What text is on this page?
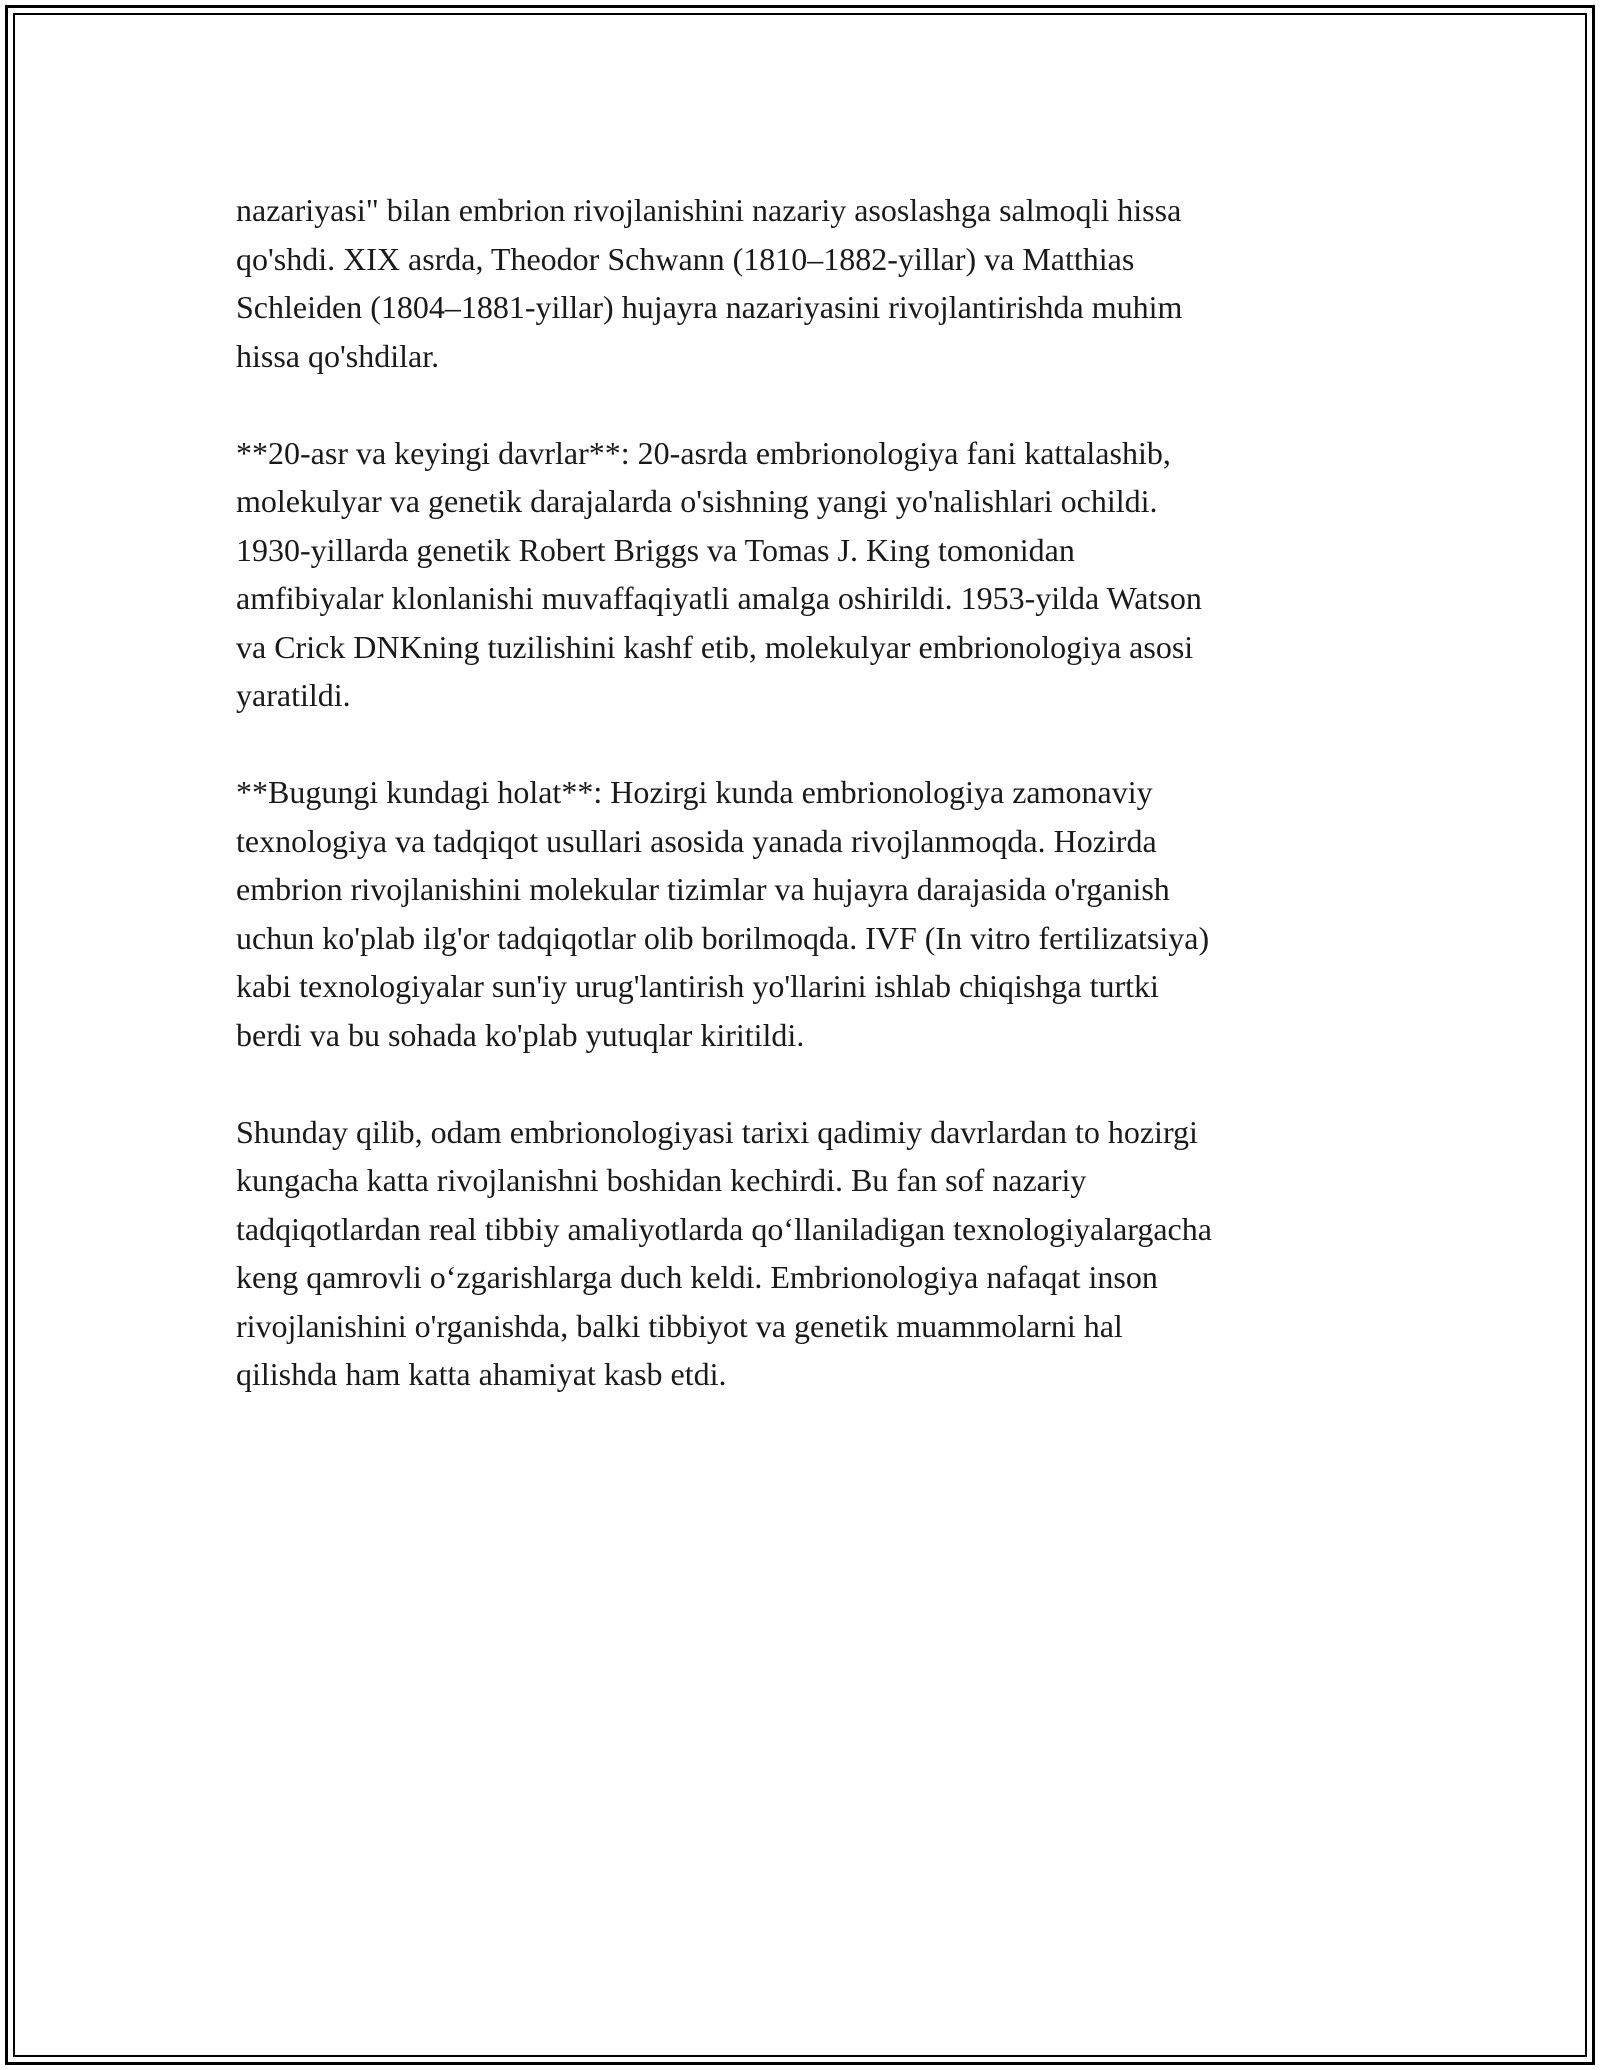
nazariyasi" bilan embrion rivojlanishini nazariy asoslashga salmoqli hissa
qo'shdi. XIX asrda, Theodor Schwann (1810–1882-yillar) va Matthias
Schleiden (1804–1881-yillar) hujayra nazariyasini rivojlantirishda muhim
hissa qo'shdilar.

**20-asr va keyingi davrlar**: 20-asrda embrionologiya fani kattalashib,
molekulyar va genetik darajalarda o'sishning yangi yo'nalishlari ochildi.
1930-yillarda genetik Robert Briggs va Tomas J. King tomonidan
amfibiyalar klonlanishi muvaffaqiyatli amalga oshirildi. 1953-yilda Watson
va Crick DNKning tuzilishini kashf etib, molekulyar embrionologiya asosi
yaratildi.

**Bugungi kundagi holat**: Hozirgi kunda embrionologiya zamonaviy
texnologiya va tadqiqot usullari asosida yanada rivojlanmoqda. Hozirda
embrion rivojlanishini molekular tizimlar va hujayra darajasida o'rganish
uchun ko'plab ilg'or tadqiqotlar olib borilmoqda. IVF (In vitro fertilizatsiya)
kabi texnologiyalar sun'iy urug'lantirish yo'llarini ishlab chiqishga turtki
berdi va bu sohada ko'plab yutuqlar kiritildi.

Shunday qilib, odam embrionologiyasi tarixi qadimiy davrlardan to hozirgi
kungacha katta rivojlanishni boshidan kechirdi. Bu fan sof nazariy
tadqiqotlardan real tibbiy amaliyotlarda qoʻllaniladigan texnologiyalargacha
keng qamrovli oʻzgarishlarga duch keldi. Embrionologiya nafaqat inson
rivojlanishini o'rganishda, balki tibbiyot va genetik muammolarni hal
qilishda ham katta ahamiyat kasb etdi.
